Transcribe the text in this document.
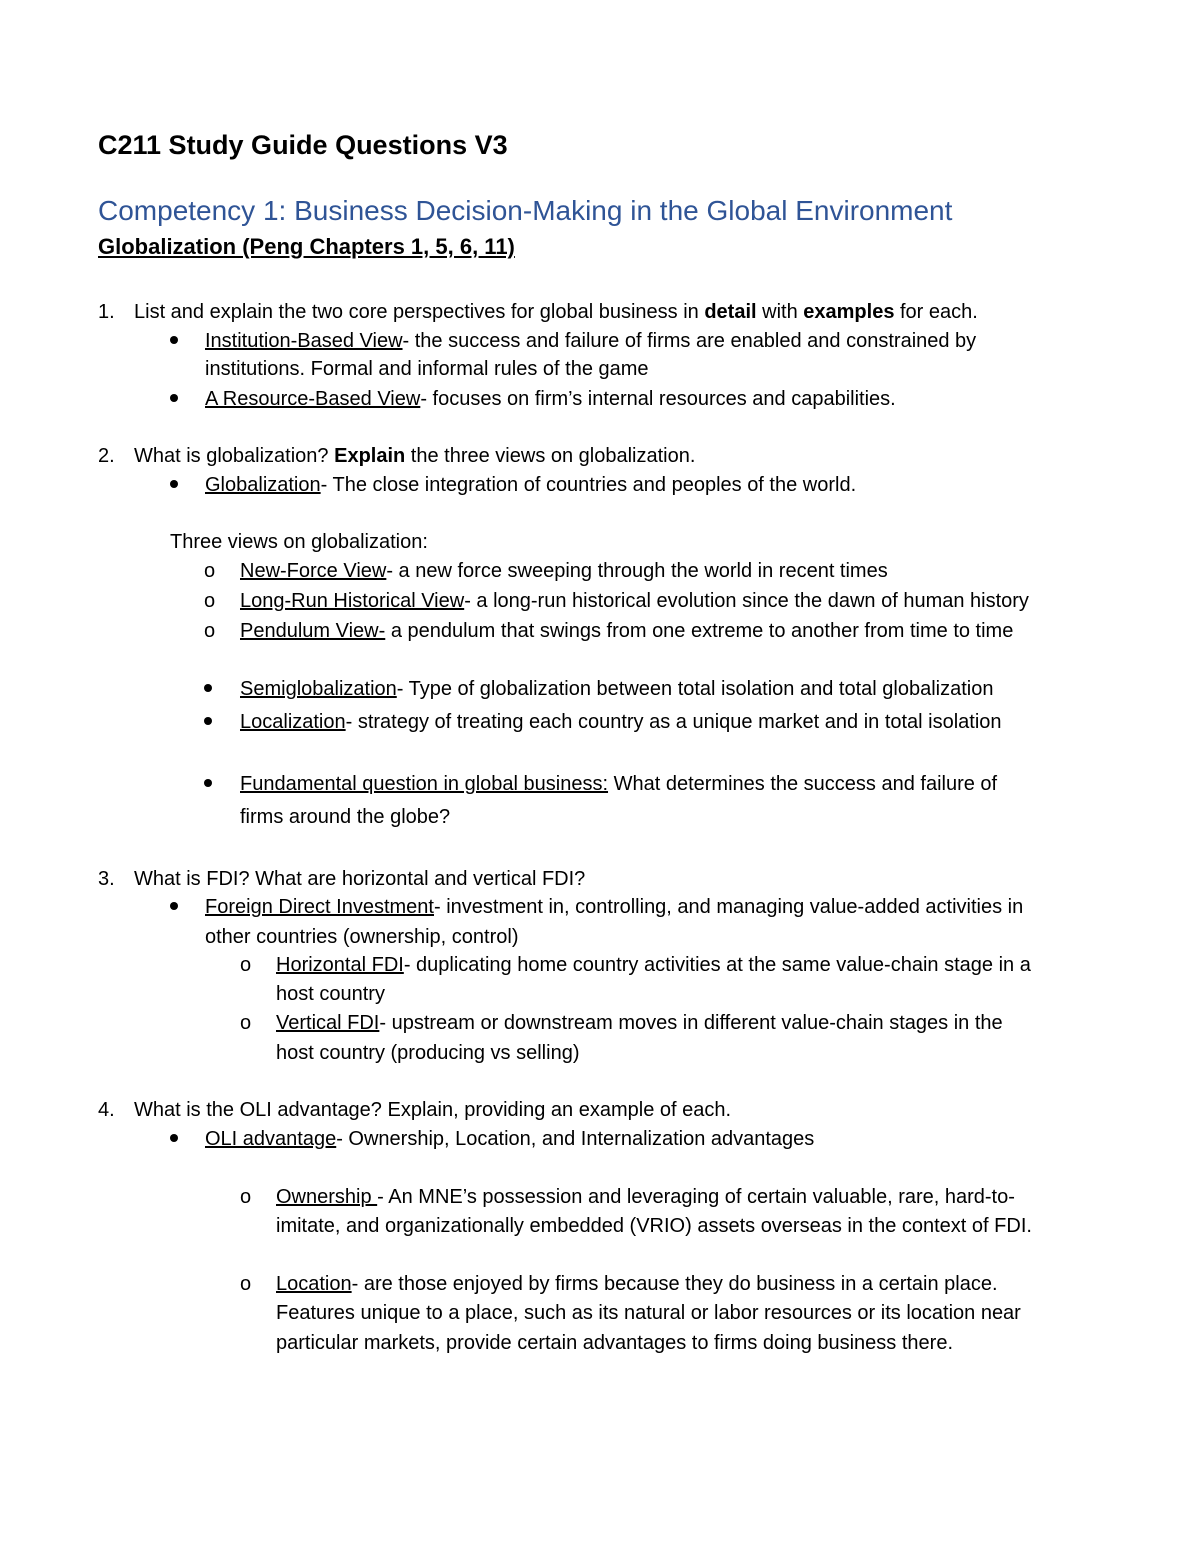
C211 Study Guide Questions V3
Competency 1: Business Decision-Making in the Global Environment
Globalization (Peng Chapters 1, 5, 6, 11)
1. List and explain the two core perspectives for global business in detail with examples for each.
Institution-Based View- the success and failure of firms are enabled and constrained by
institutions. Formal and informal rules of the game
A Resource-Based View- focuses on firm’s internal resources and capabilities.
2. What is globalization? Explain the three views on globalization.
Globalization- The close integration of countries and peoples of the world.
Three views on globalization:
o New-Force View- a new force sweeping through the world in recent times
o Long-Run Historical View- a long-run historical evolution since the dawn of human history
o Pendulum View- a pendulum that swings from one extreme to another from time to time
Semiglobalization- Type of globalization between total isolation and total globalization
Localization- strategy of treating each country as a unique market and in total isolation
Fundamental question in global business: What determines the success and failure of
firms around the globe?
3. What is FDI? What are horizontal and vertical FDI?
Foreign Direct Investment- investment in, controlling, and managing value-added activities in
other countries (ownership, control)
o Horizontal FDI- duplicating home country activities at the same value-chain stage in a
host country
o Vertical FDI- upstream or downstream moves in different value-chain stages in the
host country (producing vs selling)
4. What is the OLI advantage? Explain, providing an example of each.
OLI advantage- Ownership, Location, and Internalization advantages
o Ownership - An MNE’s possession and leveraging of certain valuable, rare, hard-to-
imitate, and organizationally embedded (VRIO) assets overseas in the context of FDI.
o Location- are those enjoyed by firms because they do business in a certain place.
Features unique to a place, such as its natural or labor resources or its location near
particular markets, provide certain advantages to firms doing business there.
